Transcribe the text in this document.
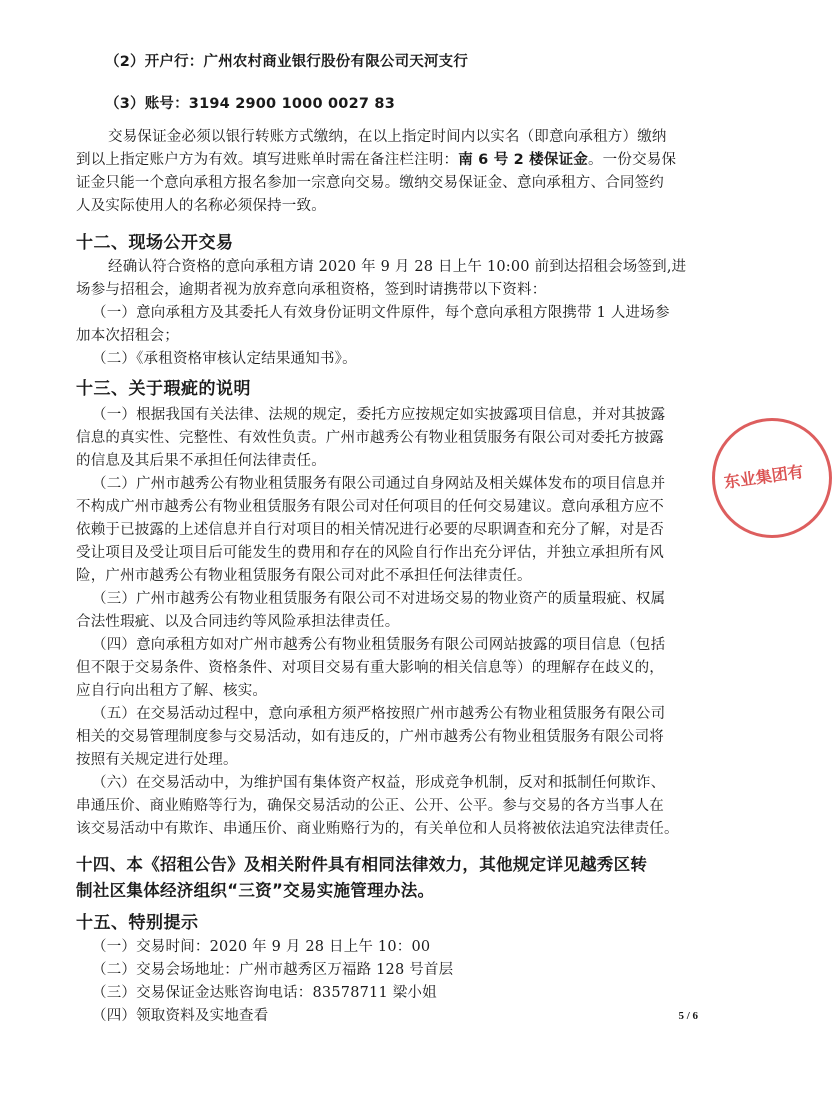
（2）开户行：广州农村商业银行股份有限公司天河支行
（3）账号：3194 2900 1000 0027 83
交易保证金必须以银行转账方式缴纳，在以上指定时间内以实名（即意向承租方）缴纳
到以上指定账户方为有效。填写进账单时需在备注栏注明：南 6 号 2 楼保证金。一份交易保
证金只能一个意向承租方报名参加一宗意向交易。缴纳交易保证金、意向承租方、合同签约
人及实际使用人的名称必须保持一致。
十二、现场公开交易
经确认符合资格的意向承租方请 2020 年 9 月 28 日上午 10:00 前到达招租会场签到,进
场参与招租会，逾期者视为放弃意向承租资格，签到时请携带以下资料：
（一）意向承租方及其委托人有效身份证明文件原件，每个意向承租方限携带 1 人进场参
加本次招租会；
（二）《承租资格审核认定结果通知书》。
十三、关于瑕疵的说明
（一）根据我国有关法律、法规的规定，委托方应按规定如实披露项目信息，并对其披露
信息的真实性、完整性、有效性负责。广州市越秀公有物业租赁服务有限公司对委托方披露
的信息及其后果不承担任何法律责任。
（二）广州市越秀公有物业租赁服务有限公司通过自身网站及相关媒体发布的项目信息并
不构成广州市越秀公有物业租赁服务有限公司对任何项目的任何交易建议。意向承租方应不
依赖于已披露的上述信息并自行对项目的相关情况进行必要的尽职调查和充分了解，对是否
受让项目及受让项目后可能发生的费用和存在的风险自行作出充分评估，并独立承担所有风
险，广州市越秀公有物业租赁服务有限公司对此不承担任何法律责任。
（三）广州市越秀公有物业租赁服务有限公司不对进场交易的物业资产的质量瑕疵、权属
合法性瑕疵、以及合同违约等风险承担法律责任。
（四）意向承租方如对广州市越秀公有物业租赁服务有限公司网站披露的项目信息（包括
但不限于交易条件、资格条件、对项目交易有重大影响的相关信息等）的理解存在歧义的，
应自行向出租方了解、核实。
（五）在交易活动过程中，意向承租方须严格按照广州市越秀公有物业租赁服务有限公司
相关的交易管理制度参与交易活动，如有违反的，广州市越秀公有物业租赁服务有限公司将
按照有关规定进行处理。
（六）在交易活动中，为维护国有集体资产权益，形成竞争机制，反对和抵制任何欺诈、
串通压价、商业贿赂等行为，确保交易活动的公正、公开、公平。参与交易的各方当事人在
该交易活动中有欺诈、串通压价、商业贿赂行为的，有关单位和人员将被依法追究法律责任。
十四、本《招租公告》及相关附件具有相同法律效力，其他规定详见越秀区转
制社区集体经济组织“三资”交易实施管理办法。
十五、特别提示
（一）交易时间：2020 年 9 月 28 日上午 10：00
（二）交易会场地址：广州市越秀区万福路 128 号首层
（三）交易保证金达账咨询电话：83578711 梁小姐
（四）领取资料及实地查看	5 / 6
东业集团有
